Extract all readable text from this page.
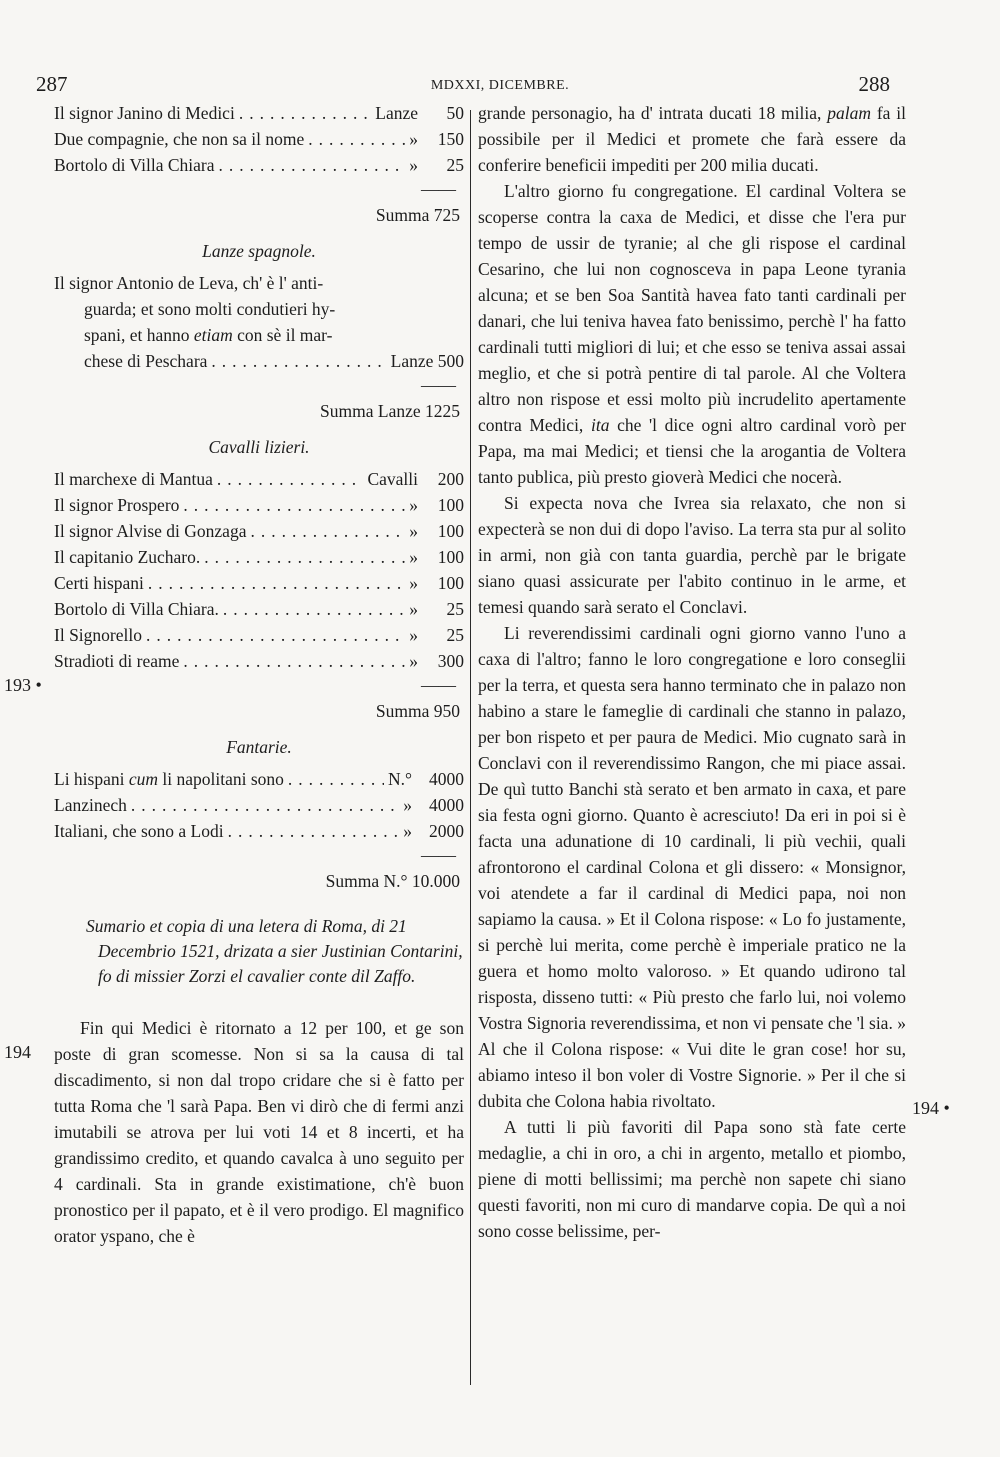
287	MDXXI, DICEMBRE.	288
193 •
194
194 •
Il signor Janino di Medici .....	Lanze	50
Due compagnie, che non sa il nome .....	»	150
Bortolo di Villa Chiara .....	»	25
——
Summa 725
Lanze spagnole.
Il signor Antonio de Leva, ch' è l' anti-
guarda; et sono molti condutieri hy-
spani, et hanno etiam con sè il mar-
chese di Peschara .....	Lanze 500
——
Summa Lanze 1225
Cavalli lizieri.
Il marchexe di Mantua .....	Cavalli	200
Il signor Prospero .....	»	100
Il signor Alvise di Gonzaga .....	»	100
Il capitanio Zucharo. .....	»	100
Certi hispani .....	»	100
Bortolo di Villa Chiara. .....	»	25
Il Signorello .....	»	25
Stradioti di reame .....	»	300
——
Summa 950
Fantarie.
Li hispani cum li napolitani sono .....	N.° 4000
Lanzinech .....	» 4000
Italiani, che sono a Lodi .....	» 2000
——
Summa N.° 10.000
Sumario et copia di una letera di Roma, di 21 Decembrio 1521, drizata a sier Justinian Contarini, fo di missier Zorzi el cavalier conte dil Zaffo.

Fin qui Medici è ritornato a 12 per 100, et ge son poste di gran scomesse. Non si sa la causa di tal discadimento, si non dal tropo cridare che si è fatto per tutta Roma che 'l sarà Papa. Ben vi dirò che di fermi anzi imutabili se atrova per lui voti 14 et 8 incerti, et ha grandissimo credito, et quando cavalca à uno seguito per 4 cardinali. Sta in grande existimatione, ch'è buon pronostico per il papato, et è il vero prodigo. El magnifico orator yspano, che è

grande personagio, ha d' intrata ducati 18 milia, palam fa il possibile per il Medici et promete che farà essere da conferire beneficii impediti per 200 milia ducati.

L'altro giorno fu congregatione. El cardinal Voltera se scoperse contra la caxa de Medici, et disse che l'era pur tempo de ussir de tyranie; al che gli rispose el cardinal Cesarino, che lui non cognosceva in papa Leone tyrania alcuna; et se ben Soa Santità havea fato tanti cardinali per danari, che lui teniva havea fato benissimo, perchè l' ha fatto cardinali tutti migliori di lui; et che esso se teniva assai assai meglio, et che si potrà pentire di tal parole. Al che Voltera altro non rispose et essi molto più incrudelito apertamente contra Medici, ita che 'l dice ogni altro cardinal vorò per Papa, ma mai Medici; et tiensi che la arogantia de Voltera tanto publica, più presto gioverà Medici che nocerà.

Si expecta nova che Ivrea sia relaxato, che non si expecterà se non dui di dopo l'aviso. La terra sta pur al solito in armi, non già con tanta guardia, perchè par le brigate siano quasi assicurate per l'abito continuo in le arme, et temesi quando sarà serato el Conclavi.

Li reverendissimi cardinali ogni giorno vanno l'uno a caxa di l'altro; fanno le loro congregatione e loro conseglii per la terra, et questa sera hanno terminato che in palazo non habino a stare le fameglie di cardinali che stanno in palazo, per bon rispeto et per paura de Medici. Mio cugnato sarà in Conclavi con il reverendissimo Rangon, che mi piace assai. De quì tutto Banchi stà serato et ben armato in caxa, et pare sia festa ogni giorno. Quanto è acresciuto! Da eri in poi si è facta una adunatione di 10 cardinali, li più vechii, quali afrontorono el cardinal Colona et gli dissero: « Monsignor, voi atendete a far il cardinal di Medici papa, noi non sapiamo la causa. » Et il Colona rispose: « Lo fo justamente, si perchè lui merita, come perchè è imperiale pratico ne la guera et homo molto valoroso. » Et quando udirono tal risposta, disseno tutti: « Più presto che farlo lui, noi volemo Vostra Signoria reverendissima, et non vi pensate che 'l sia. » Al che il Colona rispose: « Vui dite le gran cose! hor su, abiamo inteso il bon voler di Vostre Signorie. » Per il che si dubita che Colona habia rivoltato.

A tutti li più favoriti dil Papa sono stà fate certe medaglie, a chi in oro, a chi in argento, metallo et piombo, piene di motti bellissimi; ma perchè non sapete chi siano questi favoriti, non mi curo di mandarve copia. De quì a noi sono cosse belissime, per-
